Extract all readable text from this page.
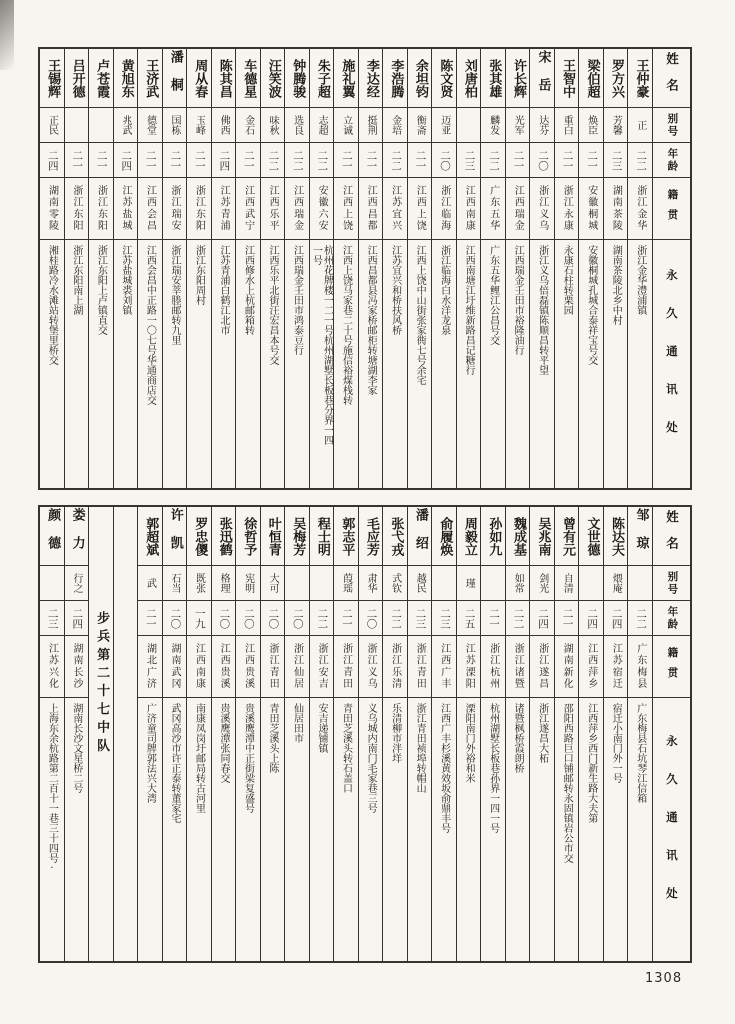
姓名
别号
年龄
籍贯
永久通讯处
王仲豪
正
二二
浙江金华
浙江金华澧浦镇
罗方兴
芳馨
二三
湖南茶陵
湖南茶陵北乡中村
梁伯超
焕臣
二一
安徽桐城
安徽桐城孔城合泰祥宝号交
王智中
重白
二一
浙江永康
永康石柱转栗园
宋岳
达芬
二〇
浙江义乌
浙江义乌倍磊镇陈顺昌转平望
许长辉
光军
二一
江西瑞金
江西瑞金壬田市裕隆油行
张其雄
麟发
二二
广东五华
广东五华鲤江公昌号交
刘唐柏
二三
江西南康
江西南塘江圩维新路昌记糖行
陈文贤
迈亚
二〇
浙江临海
浙江临海白水洋龙泉
余坦钧
衡斋
二一
江西上饶
江西上饶中山街张家衖七号余宅
李浩腾
金培
二二
江苏宜兴
江苏宜兴和桥扶风桥
李达经
挺荆
二一
江西昌都
江西昌都县冯家桥邮柜转塘湖李家
施礼翼
立诚
二一
江西上饶
江西上饶马家巷二十号施信裕煤栈转
朱子超
志超
二二
安徽六安
杭州花牌楼一二一号杭州湖墅长板巷分界一四一号
钟腾骏
选良
二二
江西瑞金
江西瑞金壬田市鸿泰豆行
汪笑波
味秋
二二
江西乐平
江西乐平北街汪宏昌本号交
车德星
金石
二一
江西武宁
江西修水上杭邮箱转
陈其昌
佛西
二四
江苏青浦
江苏青浦白鹤江北市
周从春
玉峰
二一
浙江东阳
浙江东阳周村
潘桐
国栋
二一
浙江瑞安
浙江瑞安莘塍邮转九里
王济武
德堂
二一
江西会昌
江西会昌中正路一〇七号华通商店交
黄旭东
兆武
二四
江苏盐城
江苏盐城裘刘镇
卢苍霞
二一
浙江东阳
浙江东阳上卢镇直交
吕开德
二一
浙江东阳
浙江东阳南上湖
王锡辉
正民
二四
湖南零陵
湘桂路冷水滩站转堡里桥交
姓名
别号
年龄
籍贯
永久通讯处
邹琼
二二
广东梅县
广东梅县石坑琴江信箱
陈达夫
煨庵
二四
江苏宿迁
宿迁小南门外一号
文世德
二四
江西萍乡
江西萍乡西门新生路大夫第
曾有元
自清
二一
湖南新化
邵阳西路巨口铺邮转永固镇岩公市交
吴兆南
剑光
二四
浙江遂昌
浙江遂昌大柘
魏成基
如常
二二
浙江诸暨
诸暨枫桥霞朗桥
孙如九
二一
浙江杭州
杭州湖墅长板巷孙界一四一号
周毅立
瑾
二五
江苏溧阳
溧阳南门外裕和米
俞履焕
二三
江西广丰
江西广丰杉溪黄效坂俞鼎丰号
潘绍
越民
二三
浙江青田
浙江青田祯埠转帽山
张弋戎
式钦
二二
浙江乐清
乐清柳市泮垟
毛应芳
肃华
二〇
浙江义乌
义乌城内南门毛家巷三号
郭志平
葭瑶
二一
浙江青田
青田芝溪头转石盖口
程士明
二二
浙江安吉
安吉递铺镇
吴梅芳
二〇
浙江仙居
仙居田市
叶恒青
大可
二〇
浙江青田
青田芝溪头上陈
徐哲予
宪明
二〇
江西贵溪
贵溪鹰潭中正街梁复盛号
张迅鹤
格理
二〇
江西贵溪
贵溪鹰潭张同春交
罗忠儍
既张
一九
江西南康
南康凤岗圩邮局转古河里
许凯
石当
二〇
湖南武冈
武冈高沙市许正泰转董家宅
郭超斌
武
二一
湖北广济
广济童司牌郭法兴大湾
步兵第二十七中队
娄力
行之
二四
湖南长沙
湖南长沙文星桥二号
颜德
二三
江苏兴化
上海东余杭路第二百十一巷三十四号·
1308
